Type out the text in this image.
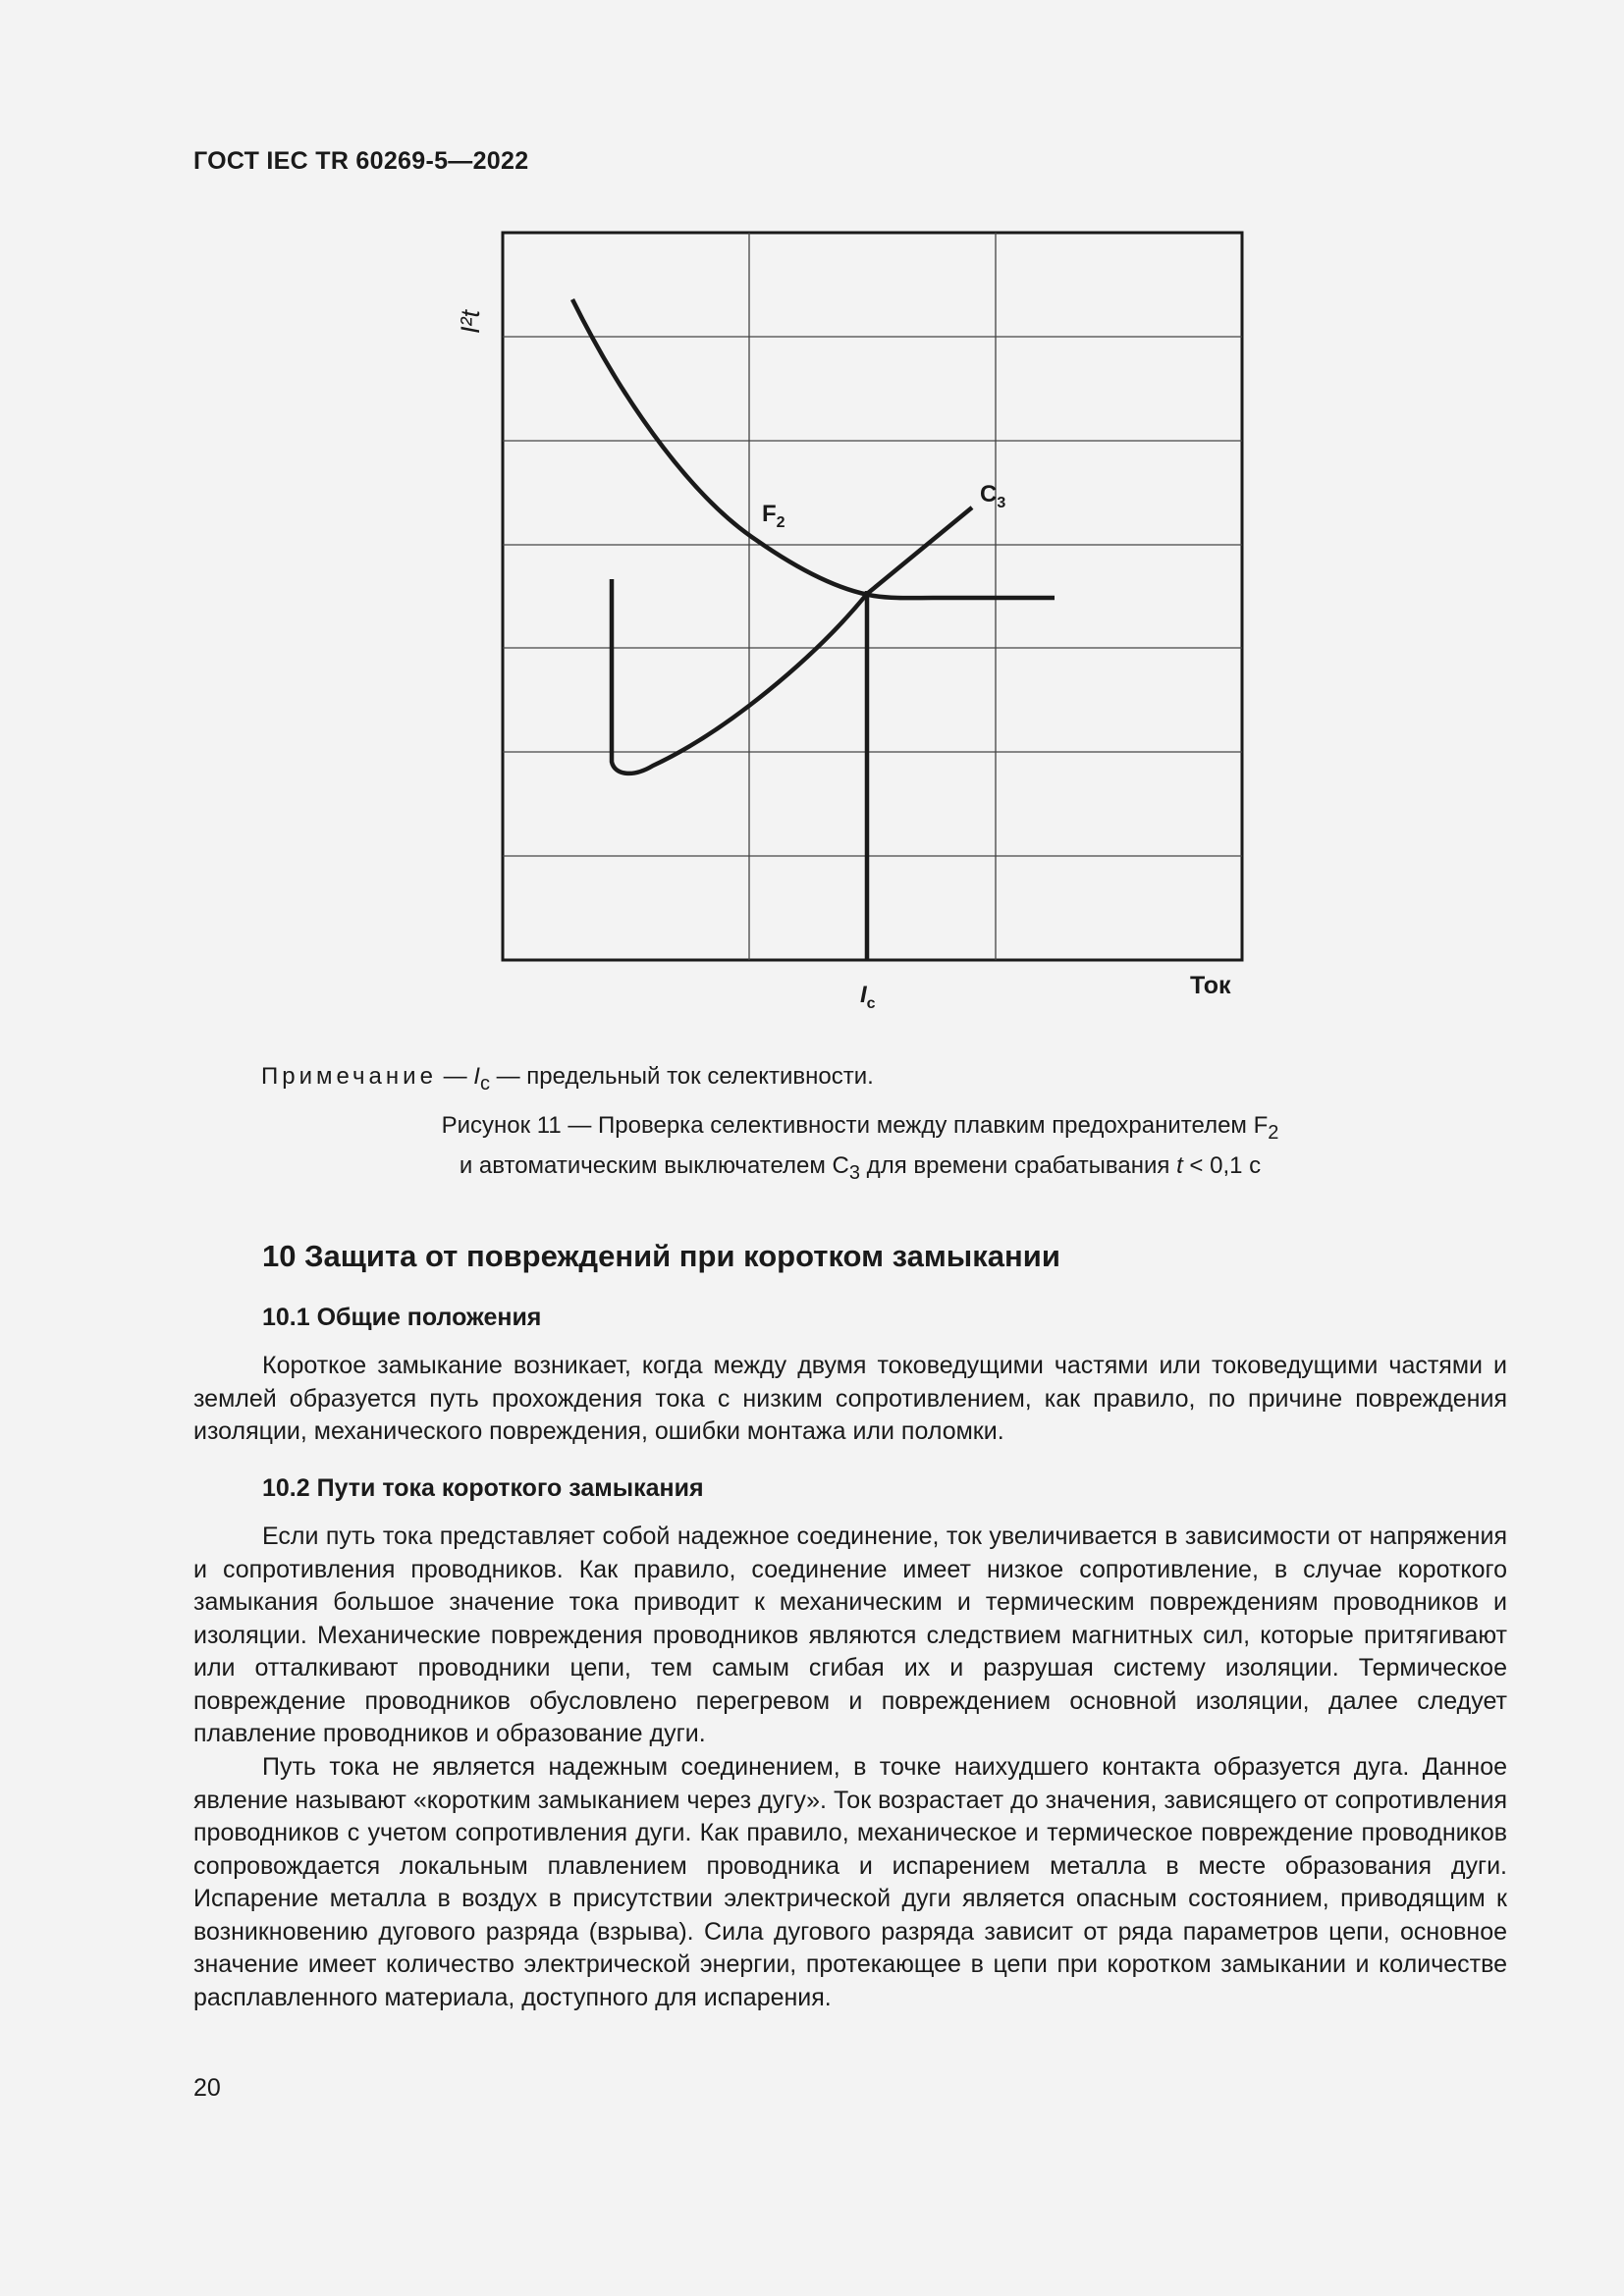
ГОСТ IEC TR 60269-5—2022
I²t
$F_2$
$C_3$
$I_c$
Ток
Примечание — $I_c$ — предельный ток селективности.
Рисунок 11 — Проверка селективности между плавким предохранителем $F_2$
и автоматическим выключателем $C_3$ для времени срабатывания t < 0,1 с
10 Защита от повреждений при коротком замыкании
10.1 Общие положения

Короткое замыкание возникает, когда между двумя токоведущими частями или токоведущими частями и землей образуется путь прохождения тока с низким сопротивлением, как правило, по причине повреждения изоляции, механического повреждения, ошибки монтажа или поломки.

10.2 Пути тока короткого замыкания

Если путь тока представляет собой надежное соединение, ток увеличивается в зависимости от напряжения и сопротивления проводников. Как правило, соединение имеет низкое сопротивление, в случае короткого замыкания большое значение тока приводит к механическим и термическим повреждениям проводников и изоляции. Механические повреждения проводников являются следствием магнитных сил, которые притягивают или отталкивают проводники цепи, тем самым сгибая их и разрушая систему изоляции. Термическое повреждение проводников обусловлено перегревом и повреждением основной изоляции, далее следует плавление проводников и образование дуги.

Путь тока не является надежным соединением, в точке наихудшего контакта образуется дуга. Данное явление называют «коротким замыканием через дугу». Ток возрастает до значения, зависящего от сопротивления проводников с учетом сопротивления дуги. Как правило, механическое и термическое повреждение проводников сопровождается локальным плавлением проводника и испарением металла в месте образования дуги. Испарение металла в воздух в присутствии электрической дуги является опасным состоянием, приводящим к возникновению дугового разряда (взрыва). Сила дугового разряда зависит от ряда параметров цепи, основное значение имеет количество электрической энергии, протекающее в цепи при коротком замыкании и количестве расплавленного материала, доступного для испарения.

20
